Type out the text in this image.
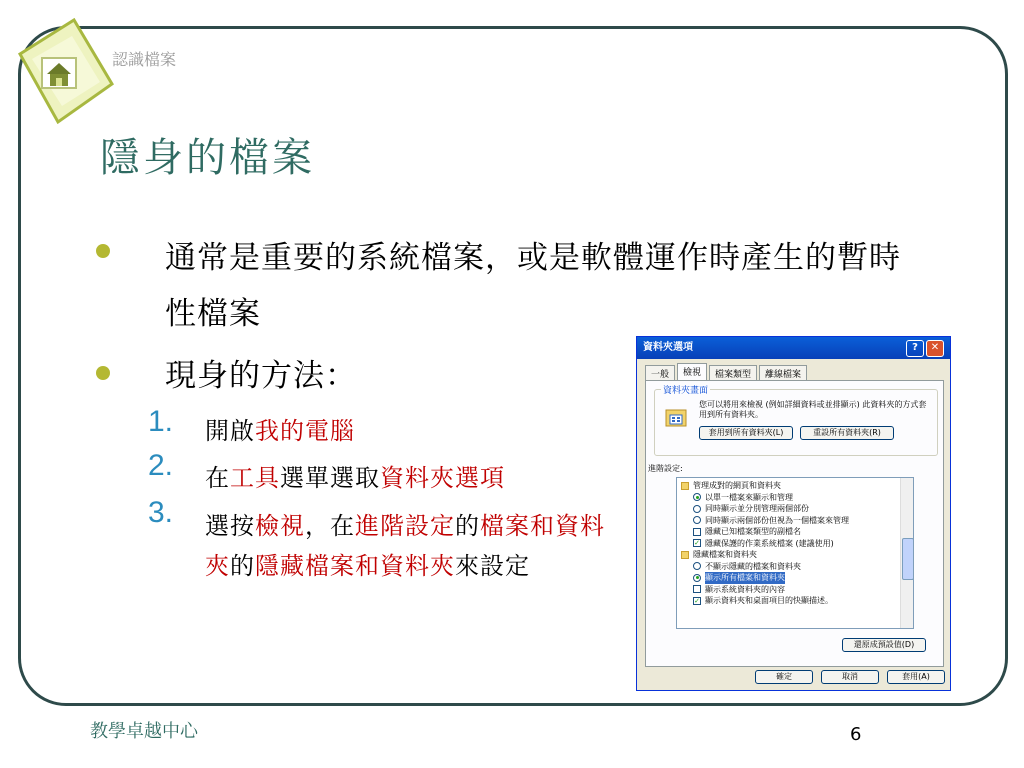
認識檔案
隱身的檔案
通常是重要的系統檔案，或是軟體運作時產生的暫時性檔案
現身的方法：
1. 開啟我的電腦
2. 在工具選單選取資料夾選項
3. 選按檢視，在進階設定的檔案和資料夾的隱藏檔案和資料夾來設定
資料夾選項	?	✕
一般	檢視	檔案類型	離線檔案
資料夾畫面
您可以將用來檢視 (例如詳細資料或並排顯示) 此資料夾的方式套用到所有資料夾。
套用到所有資料夾(L)	重設所有資料夾(R)
進階設定:
管理成對的網頁和資料夾
以單一檔案來顯示和管理
同時顯示並分別管理兩個部份
同時顯示兩個部份但視為一個檔案來管理
隱藏已知檔案類型的副檔名
✓ 隱藏保護的作業系統檔案 (建議使用)
隱藏檔案和資料夾
不顯示隱藏的檔案和資料夾
顯示所有檔案和資料夾
顯示系統資料夾的內容
✓ 顯示資料夾和桌面項目的快顯描述。
還原成預設值(D)
確定	取消	套用(A)
教學卓越中心	6
